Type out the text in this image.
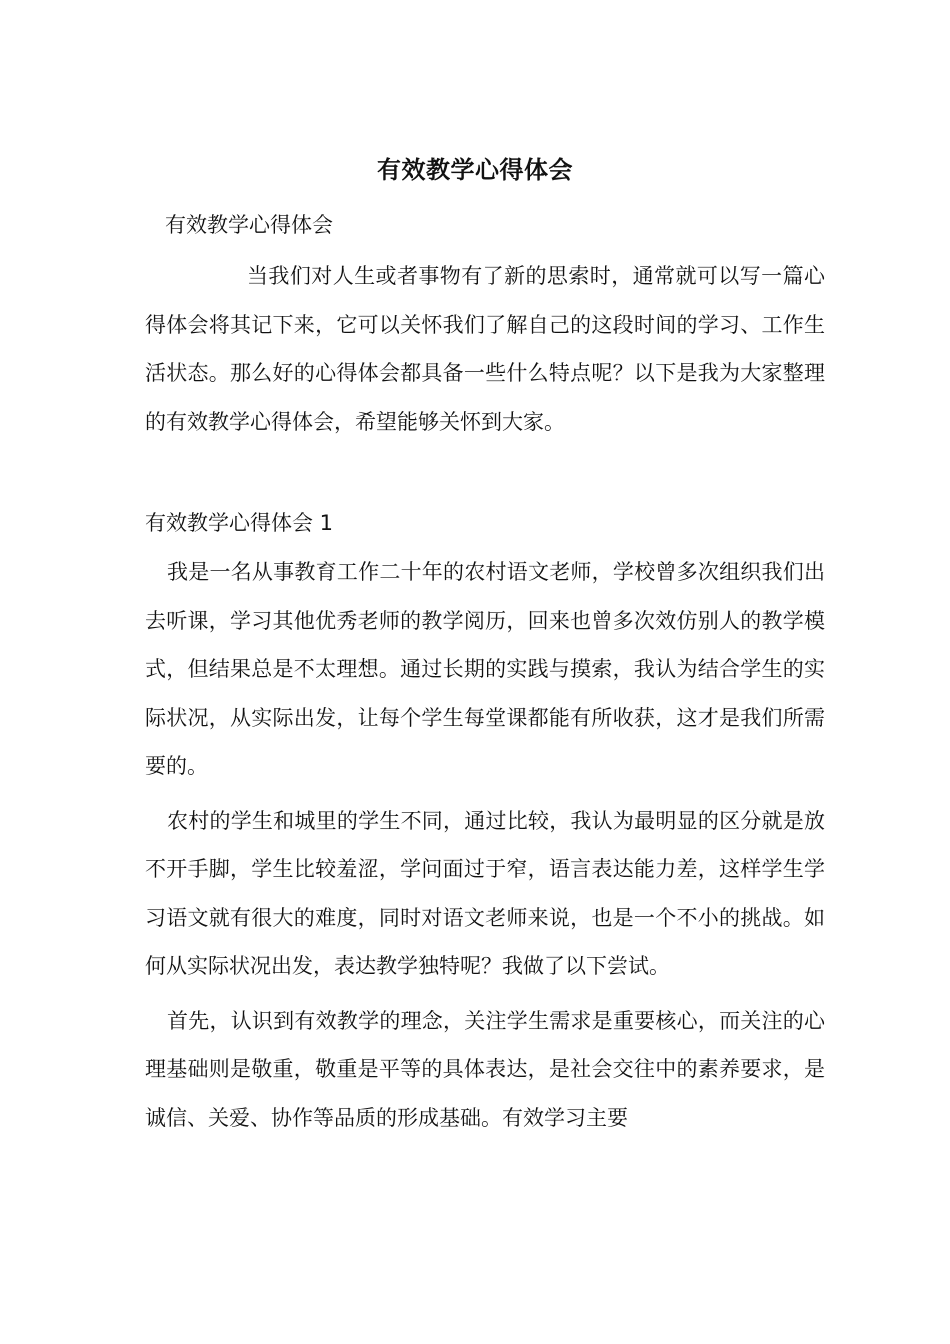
有效教学心得体会
有效教学心得体会
当我们对人生或者事物有了新的思索时，通常就可以写一篇心得体会将其记下来，它可以关怀我们了解自己的这段时间的学习、工作生活状态。那么好的心得体会都具备一些什么特点呢？以下是我为大家整理的有效教学心得体会，希望能够关怀到大家。
有效教学心得体会 1

我是一名从事教育工作二十年的农村语文老师，学校曾多次组织我们出去听课，学习其他优秀老师的教学阅历，回来也曾多次效仿别人的教学模式，但结果总是不太理想。通过长期的实践与摸索，我认为结合学生的实际状况，从实际出发，让每个学生每堂课都能有所收获，这才是我们所需要的。

农村的学生和城里的学生不同，通过比较，我认为最明显的区分就是放不开手脚，学生比较羞涩，学问面过于窄，语言表达能力差，这样学生学习语文就有很大的难度，同时对语文老师来说，也是一个不小的挑战。如何从实际状况出发，表达教学独特呢？我做了以下尝试。

首先，认识到有效教学的理念，关注学生需求是重要核心，而关注的心理基础则是敬重，敬重是平等的具体表达，是社会交往中的素养要求，是诚信、关爱、协作等品质的形成基础。有效学习主要
